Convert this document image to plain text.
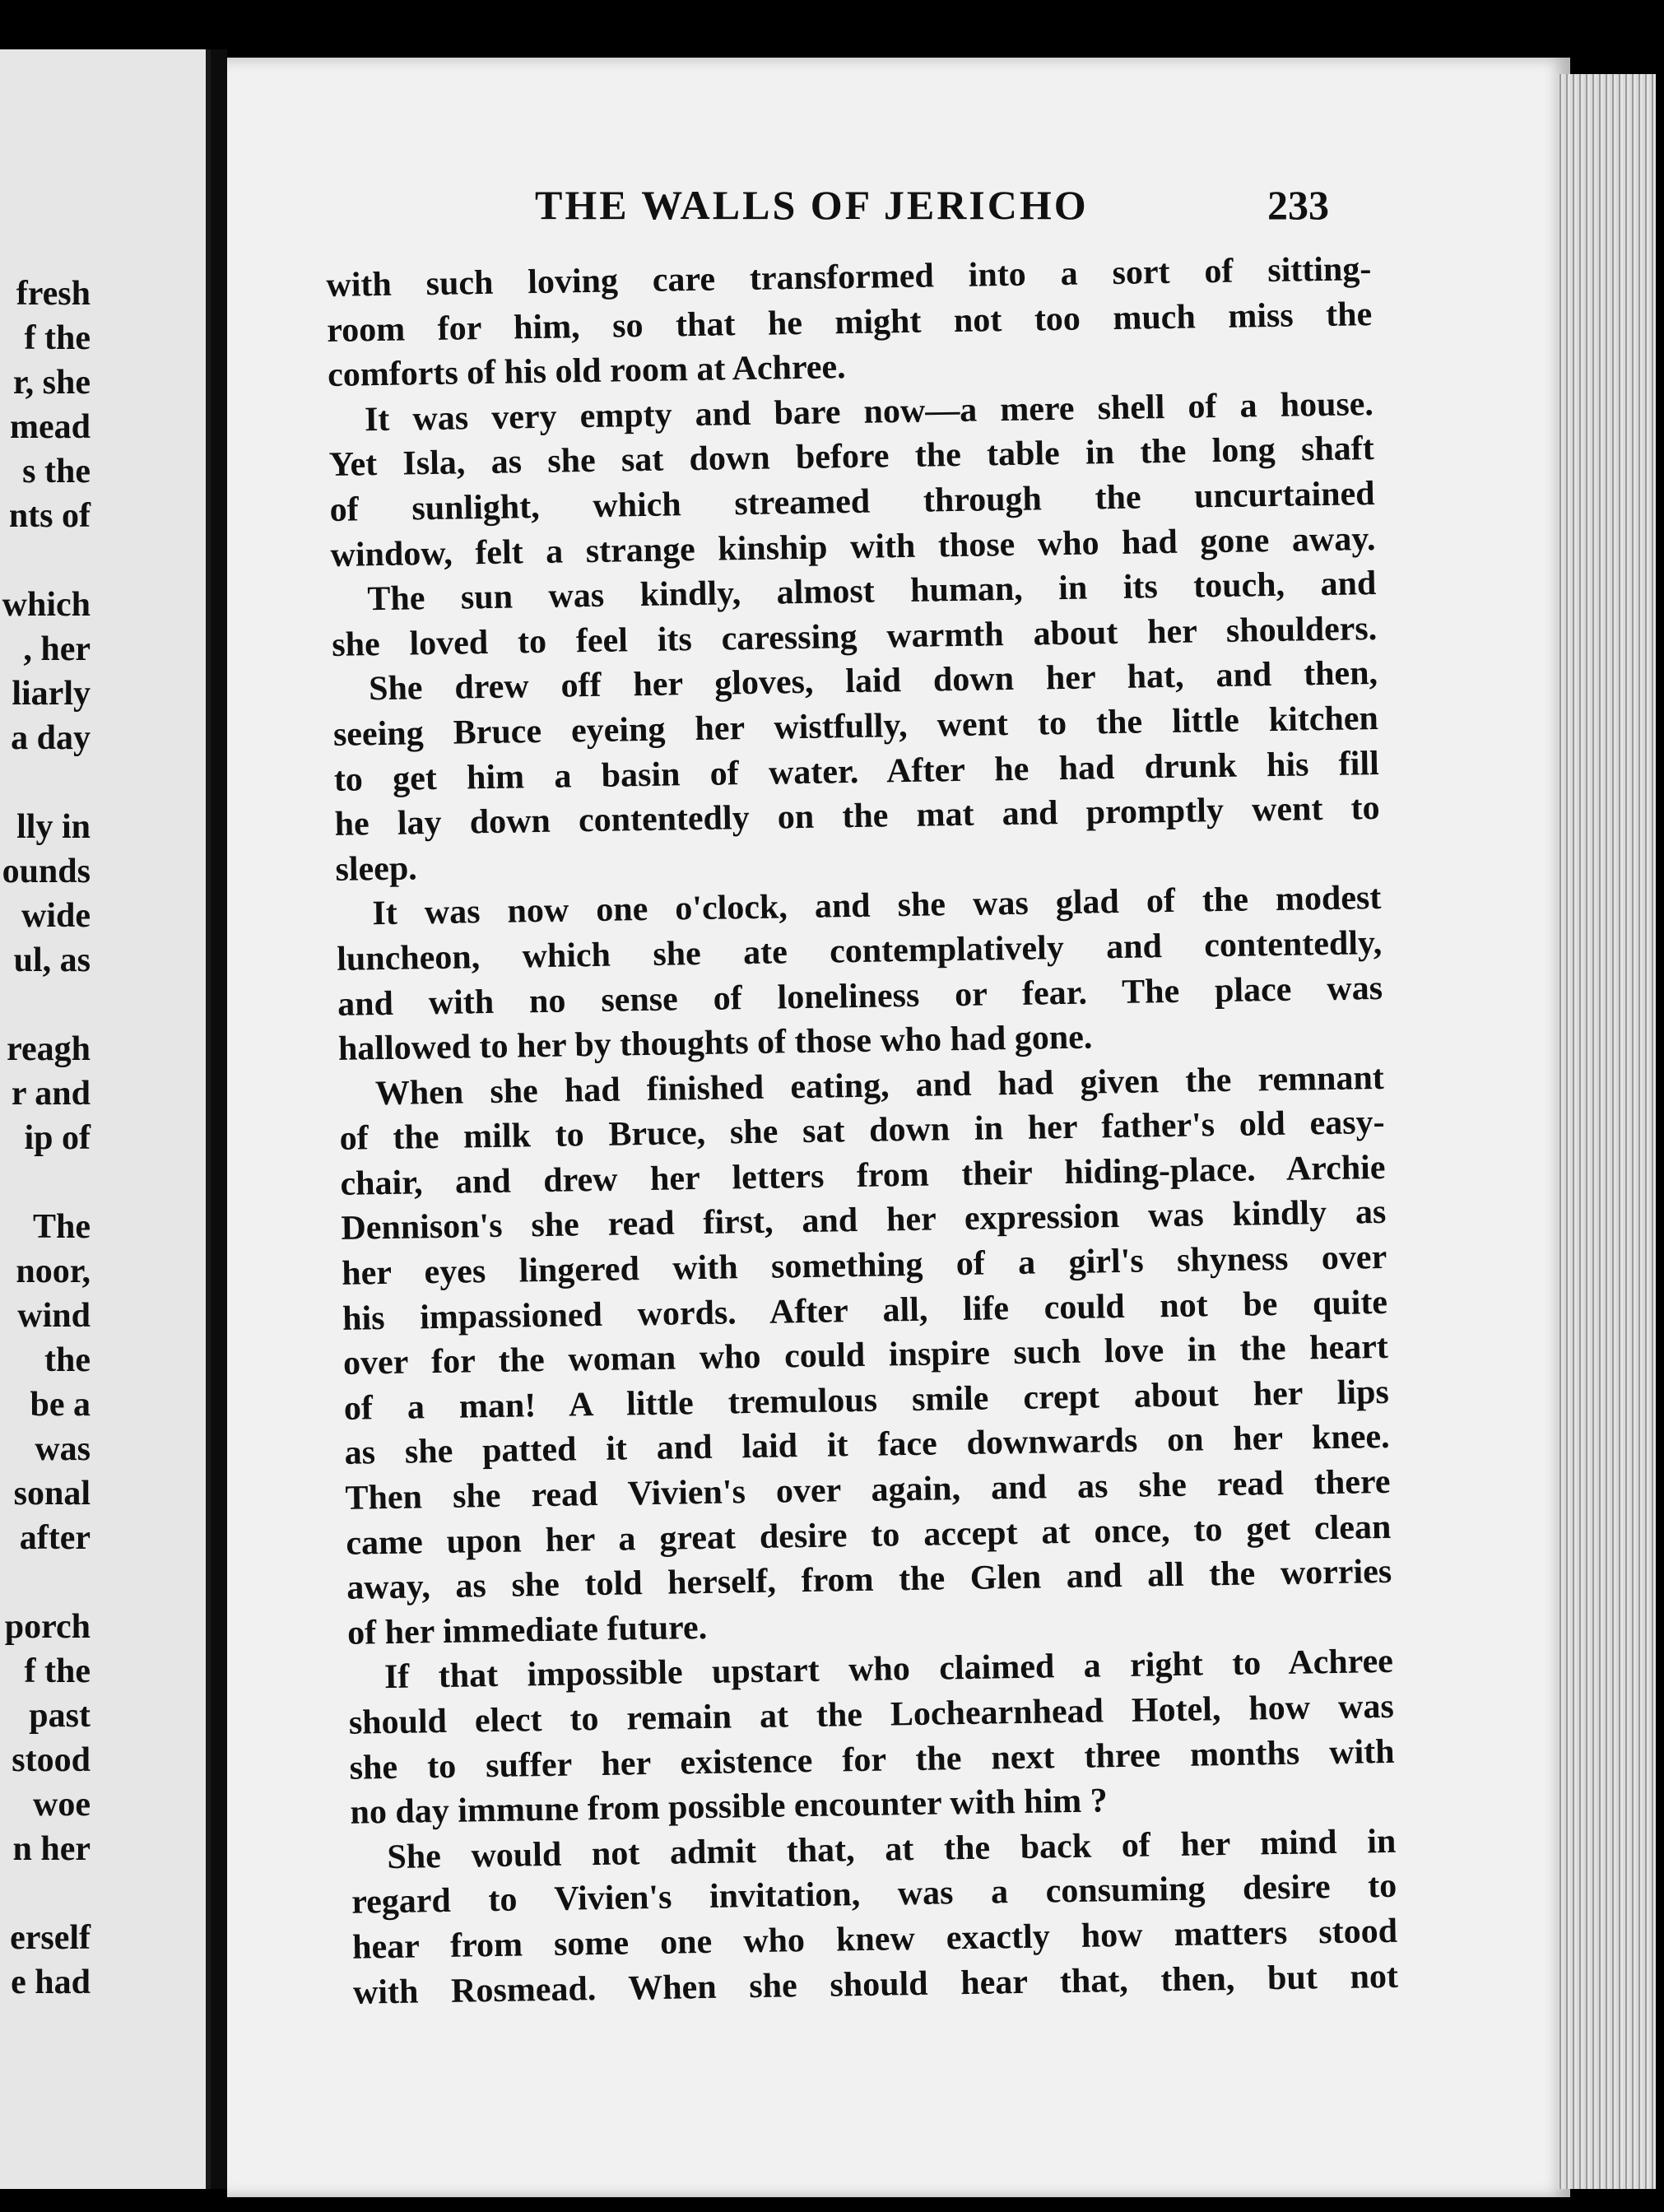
fresh
f the
r, she
mead
s the
nts of
which
, her
liarly
a day
lly in
ounds
wide
ul, as
reagh
r and
ip of
The
noor,
wind
the
be a
was
sonal
after
porch
f the
past
stood
woe
n her
erself
e had
THE WALLS OF JERICHO	233
with such loving care transformed into a sort of sitting-
room for him, so that he might not too much miss the
comforts of his old room at Achree.
It was very empty and bare now—a mere shell of a house.
Yet Isla, as she sat down before the table in the long shaft
of sunlight, which streamed through the uncurtained
window, felt a strange kinship with those who had gone away.
The sun was kindly, almost human, in its touch, and
she loved to feel its caressing warmth about her shoulders.
She drew off her gloves, laid down her hat, and then,
seeing Bruce eyeing her wistfully, went to the little kitchen
to get him a basin of water. After he had drunk his fill
he lay down contentedly on the mat and promptly went to
sleep.
It was now one o'clock, and she was glad of the modest
luncheon, which she ate contemplatively and contentedly,
and with no sense of loneliness or fear. The place was
hallowed to her by thoughts of those who had gone.
When she had finished eating, and had given the remnant
of the milk to Bruce, she sat down in her father's old easy-
chair, and drew her letters from their hiding-place. Archie
Dennison's she read first, and her expression was kindly as
her eyes lingered with something of a girl's shyness over
his impassioned words. After all, life could not be quite
over for the woman who could inspire such love in the heart
of a man! A little tremulous smile crept about her lips
as she patted it and laid it face downwards on her knee.
Then she read Vivien's over again, and as she read there
came upon her a great desire to accept at once, to get clean
away, as she told herself, from the Glen and all the worries
of her immediate future.
If that impossible upstart who claimed a right to Achree
should elect to remain at the Lochearnhead Hotel, how was
she to suffer her existence for the next three months with
no day immune from possible encounter with him ?
She would not admit that, at the back of her mind in
regard to Vivien's invitation, was a consuming desire to
hear from some one who knew exactly how matters stood
with Rosmead. When she should hear that, then, but not
